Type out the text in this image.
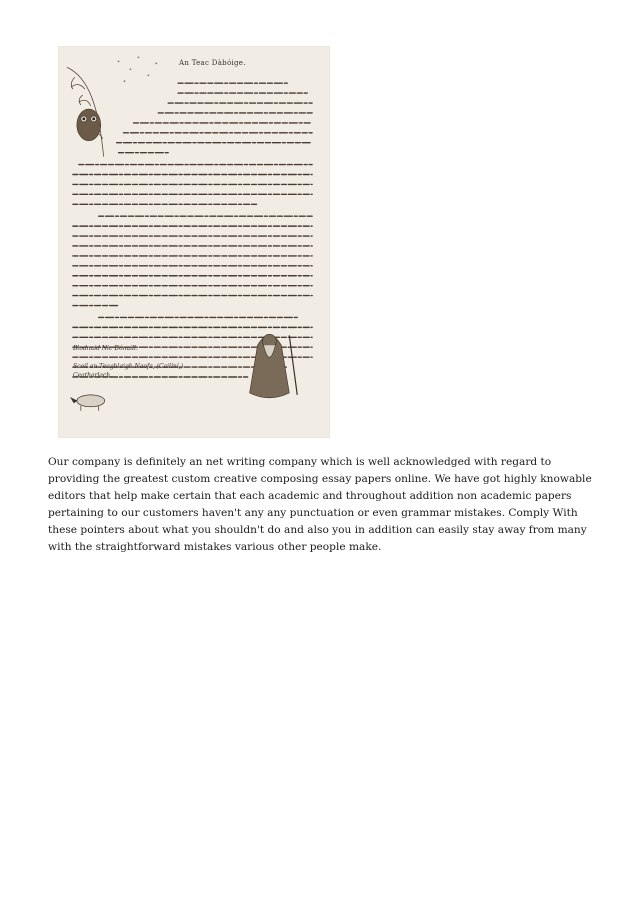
An Teac Dàbóige.
Blodnaid Nic Dónaill.
Scoil an Teaghlaigh Naofa, (Cailíní,)
Ceatharlach.

Our company is definitely an net writing company which is well acknowledged with regard to providing the greatest custom creative composing essay papers online. We have got highly knowable editors that help make certain that each academic and throughout addition non academic papers pertaining to our customers haven't any any punctuation or even grammar mistakes. Comply With these pointers about what you shouldn't do and also you in addition can easily stay away from many with the straightforward mistakes various other people make.
